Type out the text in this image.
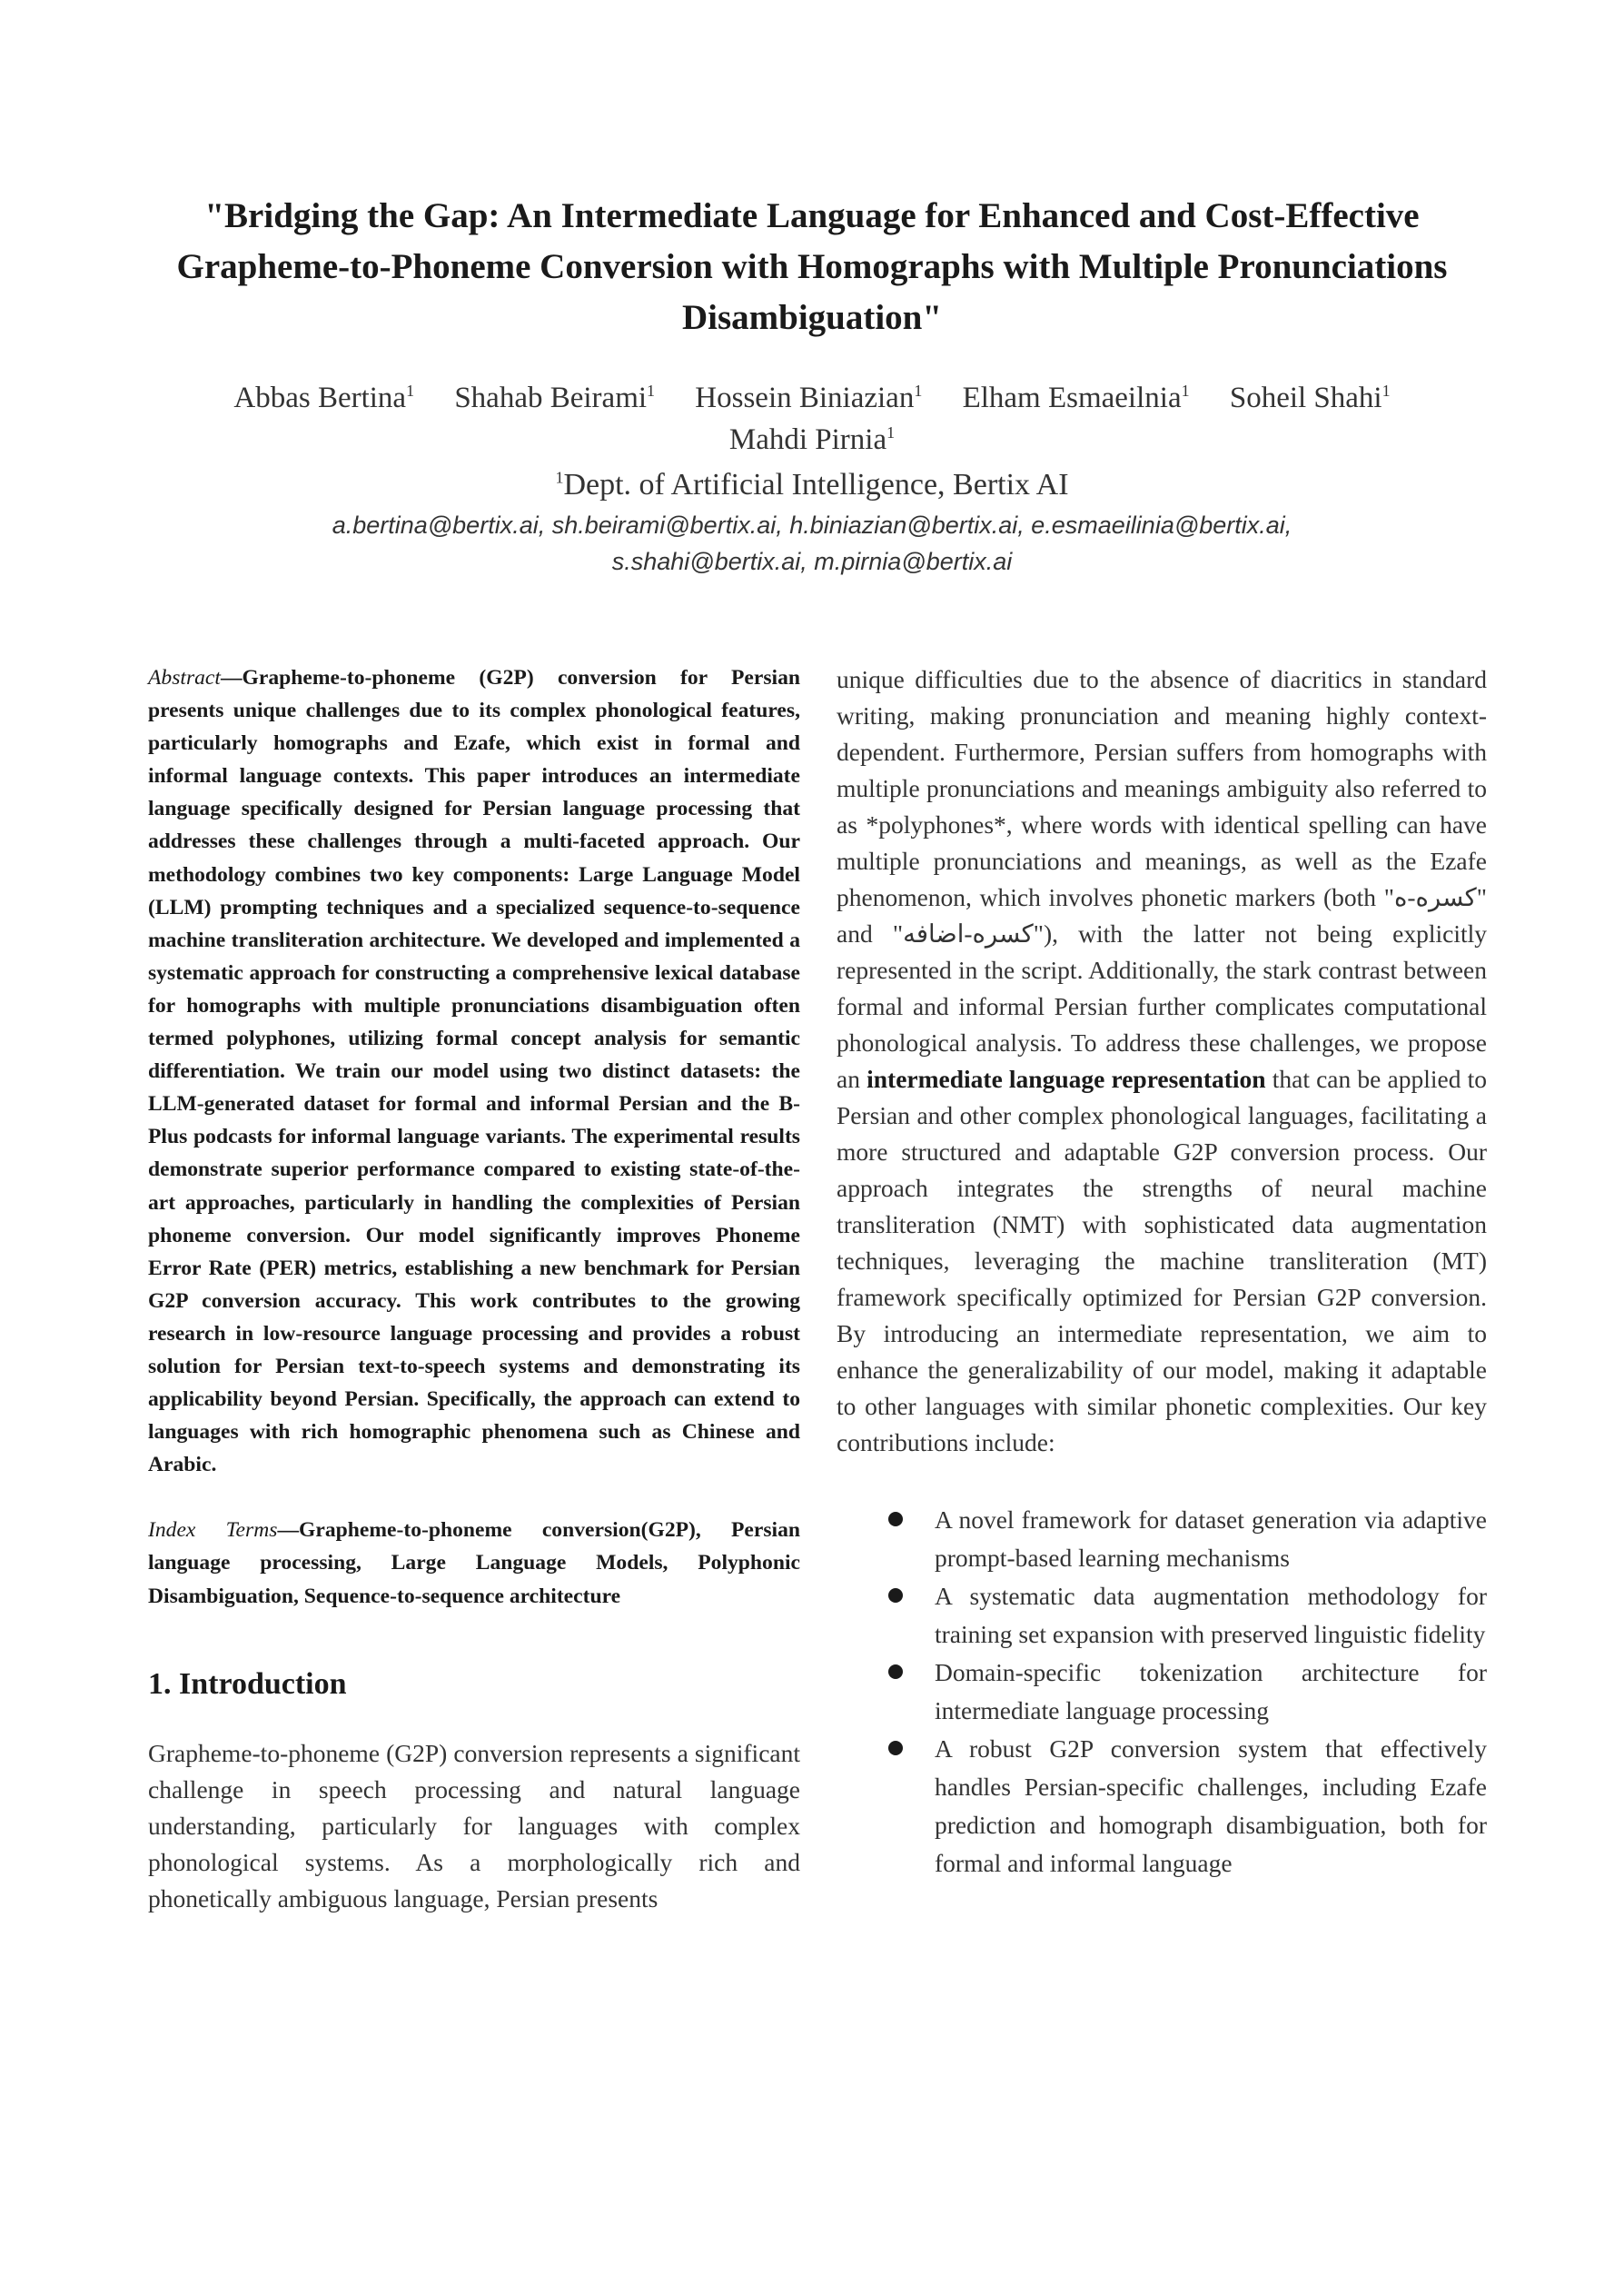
"Bridging the Gap: An Intermediate Language for Enhanced and Cost-Effective Grapheme-to-Phoneme Conversion with Homographs with Multiple Pronunciations Disambiguation"
Abbas Bertina$^1$ Shahab Beirami$^1$ Hossein Biniazian$^1$ Elham Esmaeilnia$^1$ Soheil Shahi$^1$
Mahdi Pirnia$^1$
$^1$Dept. of Artificial Intelligence, Bertix AI
a.bertina@bertix.ai, sh.beirami@bertix.ai, h.biniazian@bertix.ai, e.esmaeilinia@bertix.ai,
s.shahi@bertix.ai, m.pirnia@bertix.ai

Abstract—Grapheme-to-phoneme (G2P) conversion for Persian presents unique challenges due to its complex phonological features, particularly homographs and Ezafe, which exist in formal and informal language contexts. This paper introduces an intermediate language specifically designed for Persian language processing that addresses these challenges through a multi-faceted approach. Our methodology combines two key components: Large Language Model (LLM) prompting techniques and a specialized sequence-to-sequence machine transliteration architecture. We developed and implemented a systematic approach for constructing a comprehensive lexical database for homographs with multiple pronunciations disambiguation often termed polyphones, utilizing formal concept analysis for semantic differentiation. We train our model using two distinct datasets: the LLM-generated dataset for formal and informal Persian and the B-Plus podcasts for informal language variants. The experimental results demonstrate superior performance compared to existing state-of-the-art approaches, particularly in handling the complexities of Persian phoneme conversion. Our model significantly improves Phoneme Error Rate (PER) metrics, establishing a new benchmark for Persian G2P conversion accuracy. This work contributes to the growing research in low-resource language processing and provides a robust solution for Persian text-to-speech systems and demonstrating its applicability beyond Persian. Specifically, the approach can extend to languages with rich homographic phenomena such as Chinese and Arabic.

Index Terms—Grapheme-to-phoneme conversion(G2P), Persian language processing, Large Language Models, Polyphonic Disambiguation, Sequence-to-sequence architecture

1. Introduction

Grapheme-to-phoneme (G2P) conversion represents a significant challenge in speech processing and natural language understanding, particularly for languages with complex phonological systems. As a morphologically rich and phonetically ambiguous language, Persian presents

unique difficulties due to the absence of diacritics in standard writing, making pronunciation and meaning highly context-dependent. Furthermore, Persian suffers from homographs with multiple pronunciations and meanings ambiguity also referred to as *polyphones*, where words with identical spelling can have multiple pronunciations and meanings, as well as the Ezafe phenomenon, which involves phonetic markers (both " کسره-ه " and "کسره-اضافه"), with the latter not being explicitly represented in the script. Additionally, the stark contrast between formal and informal Persian further complicates computational phonological analysis. To address these challenges, we propose an intermediate language representation that can be applied to Persian and other complex phonological languages, facilitating a more structured and adaptable G2P conversion process. Our approach integrates the strengths of neural machine transliteration (NMT) with sophisticated data augmentation techniques, leveraging the machine transliteration (MT) framework specifically optimized for Persian G2P conversion. By introducing an intermediate representation, we aim to enhance the generalizability of our model, making it adaptable to other languages with similar phonetic complexities. Our key contributions include:

A novel framework for dataset generation via adaptive prompt-based learning mechanisms
A systematic data augmentation methodology for training set expansion with preserved linguistic fidelity
Domain-specific tokenization architecture for intermediate language processing
A robust G2P conversion system that effectively handles Persian-specific challenges, including Ezafe prediction and homograph disambiguation, both for formal and informal language
